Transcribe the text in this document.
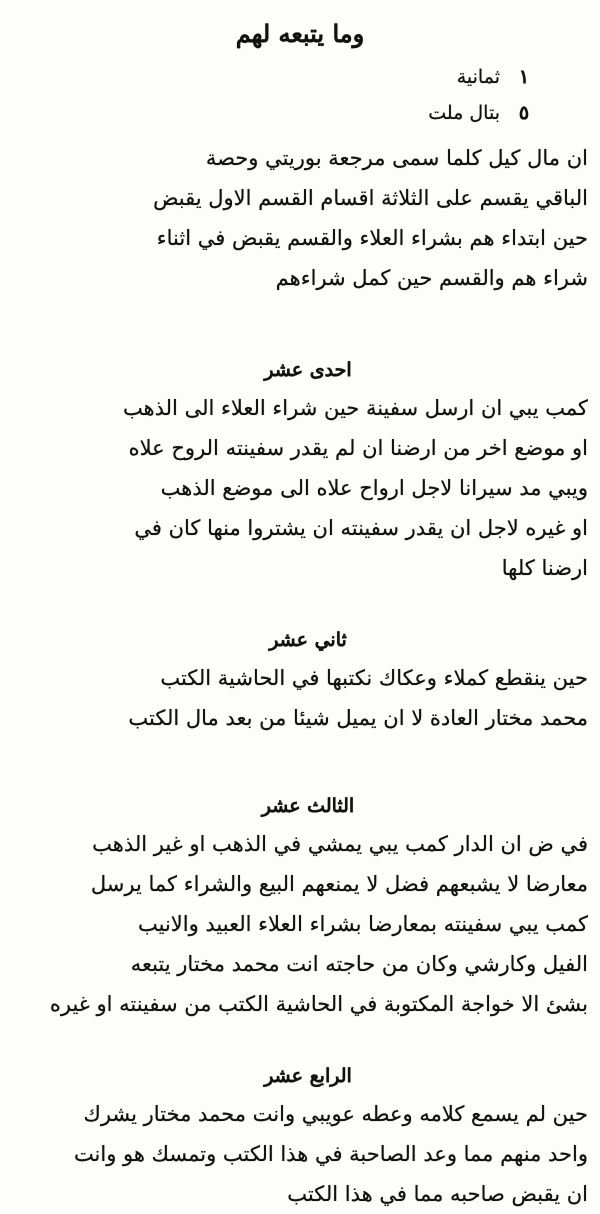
وما يتبعه لهم
١
ثمانية
٥
بتال ملت
ان مال كيل كلما سمى مرجعة بوريتي وحصة
الباقي يقسم على الثلاثة اقسام القسم الاول يقبض
حين ابتداء هم بشراء العلاء والقسم يقبض في اثناء
شراء هم والقسم حين كمل شراءهم
احدى عشر
كمب يبي ان ارسل سفينة حين شراء العلاء الى الذهب
او موضع اخر من ارضنا ان لم يقدر سفينته الروح علاه
ويبي مد سيرانا لاجل ارواح علاه الى موضع الذهب
او غيره لاجل ان يقدر سفينته ان يشتروا منها كان في
ارضنا كلها
ثاني عشر
حين ينقطع كملاء وعكاك نكتبها في الحاشية الكتب
محمد مختار العادة لا ان يميل شيئا من بعد مال الكتب
الثالث عشر
في ض ان الدار كمب يبي يمشي في الذهب او غير الذهب
معارضا لا يشبعهم فضل لا يمنعهم البيع والشراء كما يرسل
كمب يبي سفينته بمعارضا بشراء العلاء العبيد والانيب
الفيل وكارشي وكان من حاجته انت محمد مختار يتبعه
بشئ الا خواجة المكتوبة في الحاشية الكتب من سفينته او غيره
الرابع عشر
حين لم يسمع كلامه وعطه عويبي وانت محمد مختار يشرك
واحد منهم مما وعد الصاحبة في هذا الكتب وتمسك هو وانت
ان يقبض صاحبه مما في هذا الكتب
